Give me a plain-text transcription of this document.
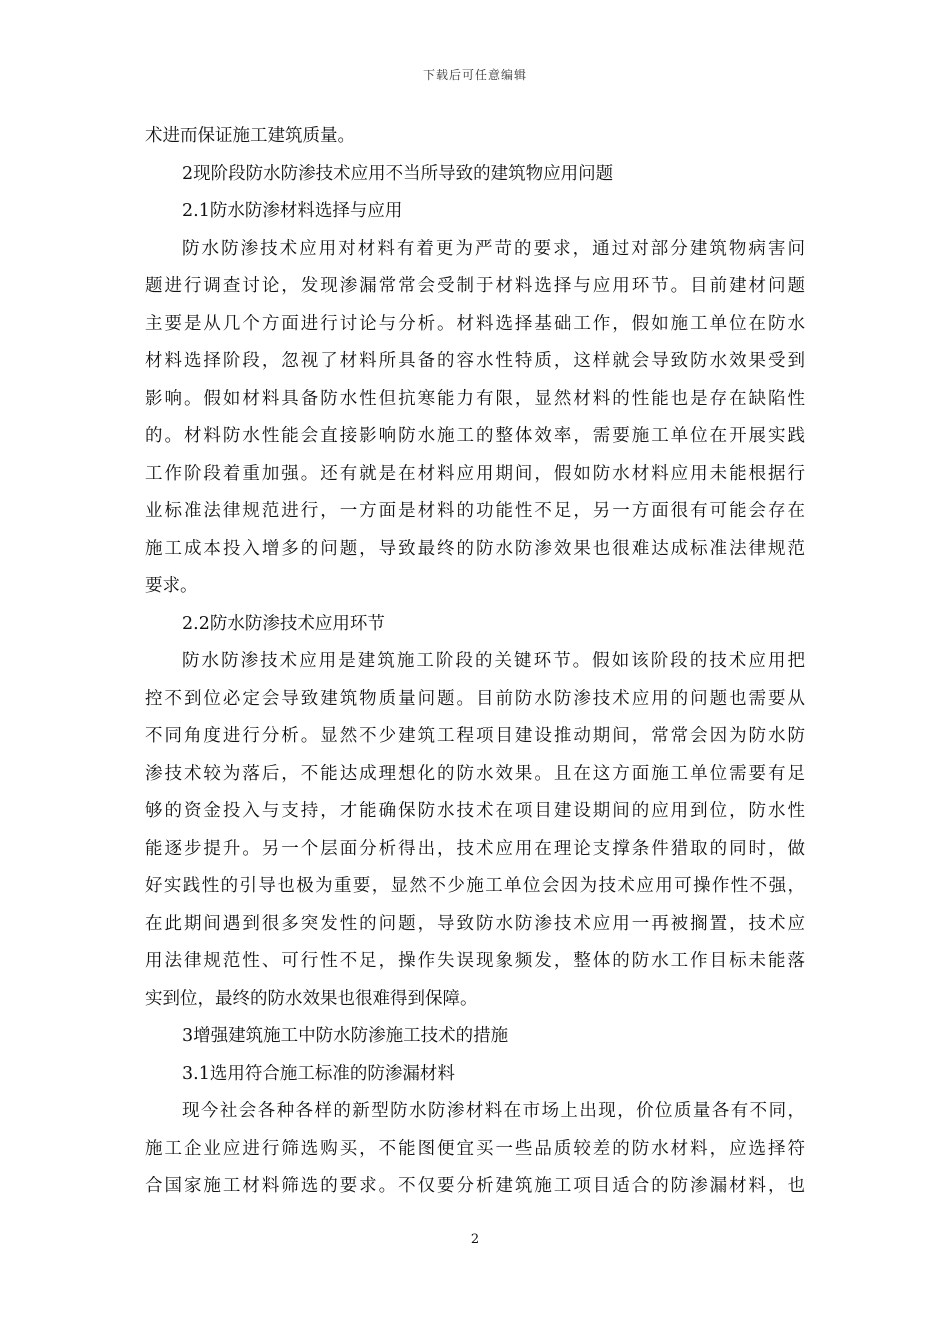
下载后可任意编辑
术进而保证施工建筑质量。
2现阶段防水防渗技术应用不当所导致的建筑物应用问题
2.1防水防渗材料选择与应用
防水防渗技术应用对材料有着更为严苛的要求，通过对部分建筑物病害问
题进行调查讨论，发现渗漏常常会受制于材料选择与应用环节。目前建材问题
主要是从几个方面进行讨论与分析。材料选择基础工作，假如施工单位在防水
材料选择阶段，忽视了材料所具备的容水性特质，这样就会导致防水效果受到
影响。假如材料具备防水性但抗寒能力有限，显然材料的性能也是存在缺陷性
的。材料防水性能会直接影响防水施工的整体效率，需要施工单位在开展实践
工作阶段着重加强。还有就是在材料应用期间，假如防水材料应用未能根据行
业标准法律规范进行，一方面是材料的功能性不足，另一方面很有可能会存在
施工成本投入增多的问题，导致最终的防水防渗效果也很难达成标准法律规范
要求。
2.2防水防渗技术应用环节
防水防渗技术应用是建筑施工阶段的关键环节。假如该阶段的技术应用把
控不到位必定会导致建筑物质量问题。目前防水防渗技术应用的问题也需要从
不同角度进行分析。显然不少建筑工程项目建设推动期间，常常会因为防水防
渗技术较为落后，不能达成理想化的防水效果。且在这方面施工单位需要有足
够的资金投入与支持，才能确保防水技术在项目建设期间的应用到位，防水性
能逐步提升。另一个层面分析得出，技术应用在理论支撑条件猎取的同时，做
好实践性的引导也极为重要，显然不少施工单位会因为技术应用可操作性不强，
在此期间遇到很多突发性的问题，导致防水防渗技术应用一再被搁置，技术应
用法律规范性、可行性不足，操作失误现象频发，整体的防水工作目标未能落
实到位，最终的防水效果也很难得到保障。
3增强建筑施工中防水防渗施工技术的措施
3.1选用符合施工标准的防渗漏材料
现今社会各种各样的新型防水防渗材料在市场上出现，价位质量各有不同，
施工企业应进行筛选购买，不能图便宜买一些品质较差的防水材料，应选择符
合国家施工材料筛选的要求。不仅要分析建筑施工项目适合的防渗漏材料，也
2
